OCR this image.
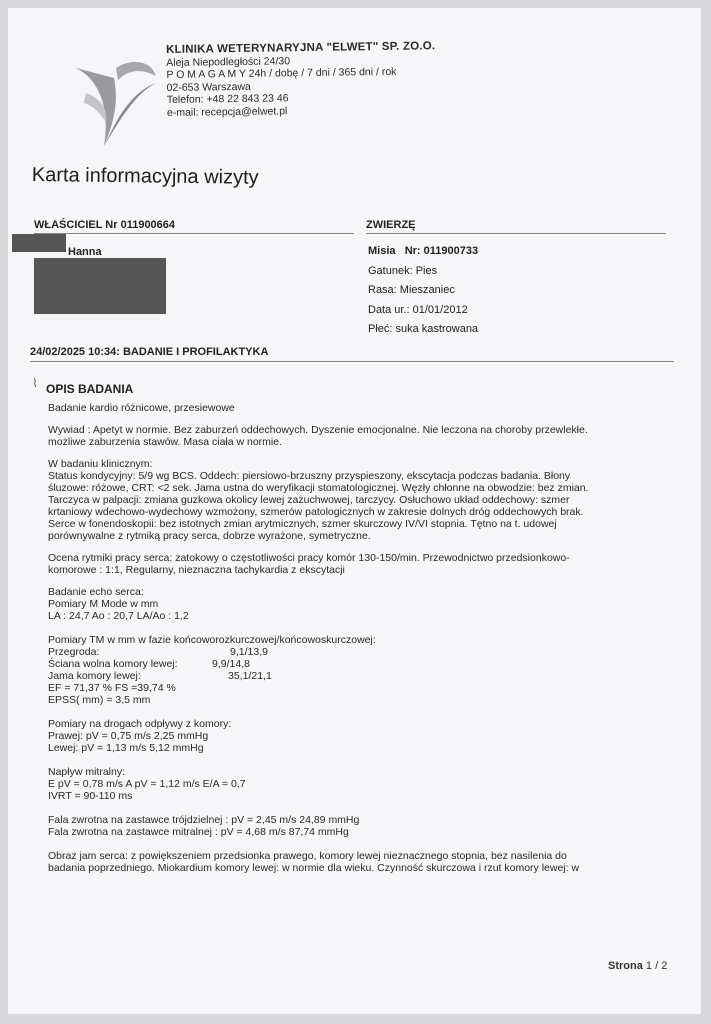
KLINIKA WETERYNARYJNA "ELWET" SP. ZO.O.
Aleja Niepodległości 24/30
P O M A G A M Y 24h / dobę / 7 dni / 365 dni / rok
02-653 Warszawa
Telefon: +48 22 843 23 46
e-mail: recepcja@elwet.pl
Karta informacyjna wizyty
WŁAŚCICIEL Nr 011900664
Hanna
ZWIERZĘ
Misia Nr: 011900733
Gatunek: Pies
Rasa: Mieszaniec
Data ur.: 01/01/2012
Płeć: suka kastrowana
24/02/2025 10:34: BADANIE I PROFILAKTYKA
⌇ OPIS BADANIA
Badanie kardio różnicowe, przesiewowe
Wywiad : Apetyt w normie. Bez zaburzeń oddechowych. Dyszenie emocjonalne. Nie leczona na choroby przewlekłe.
możliwe zaburzenia stawów. Masa ciała w normie.
W badaniu klinicznym:
Status kondycyjny: 5/9 wg BCS. Oddech: piersiowo-brzuszny przyspieszony, ekscytacja podczas badania. Błony
śluzowe: różowe, CRT: <2 sek. Jama ustna do weryfikacji stomatologicznej. Węzły chłonne na obwodzie: bez zmian.
Tarczyca w palpacji: zmiana guzkowa okolicy lewej zażuchwowej, tarczycy. Osłuchowo układ oddechowy: szmer
krtaniowy wdechowo-wydechowy wzmożony, szmerów patologicznych w zakresie dolnych dróg oddechowych brak.
Serce w fonendoskopii: bez istotnych zmian arytmicznych, szmer skurczowy IV/VI stopnia. Tętno na t. udowej
porównywalne z rytmiką pracy serca, dobrze wyrażone, symetryczne.
Ocena rytmiki pracy serca: zatokowy o częstotliwości pracy komór 130-150/min. Przewodnictwo przedsionkowo-
komorowe : 1:1, Regularny, nieznaczna tachykardia z ekscytacji
Badanie echo serca:
Pomiary M Mode w mm
LA : 24,7 Ao : 20,7 LA/Ao : 1,2
Pomiary TM w mm w fazie końcoworozkurczowej/końcowoskurczowej:
Przegroda:	9,1/13,9
Ściana wolna komory lewej:	9,9/14,8
Jama komory lewej:	35,1/21,1
EF = 71,37 % FS =39,74 %
EPSS( mm) = 3,5 mm
Pomiary na drogach odpływy z komory:
Prawej: pV = 0,75 m/s 2,25 mmHg
Lewej: pV = 1,13 m/s 5,12 mmHg
Napływ mitralny:
E pV = 0,78 m/s A pV = 1,12 m/s E/A = 0,7
IVRT = 90-110 ms
Fala zwrotna na zastawce trójdzielnej : pV = 2,45 m/s 24,89 mmHg
Fala zwrotna na zastawce mitralnej : pV = 4,68 m/s 87,74 mmHg
Obraz jam serca: z powiększeniem przedsionka prawego, komory lewej nieznacznego stopnia, bez nasilenia do
badania poprzedniego. Miokardium komory lewej: w normie dla wieku. Czynność skurczowa i rzut komory lewej: w
Strona 1 / 2
